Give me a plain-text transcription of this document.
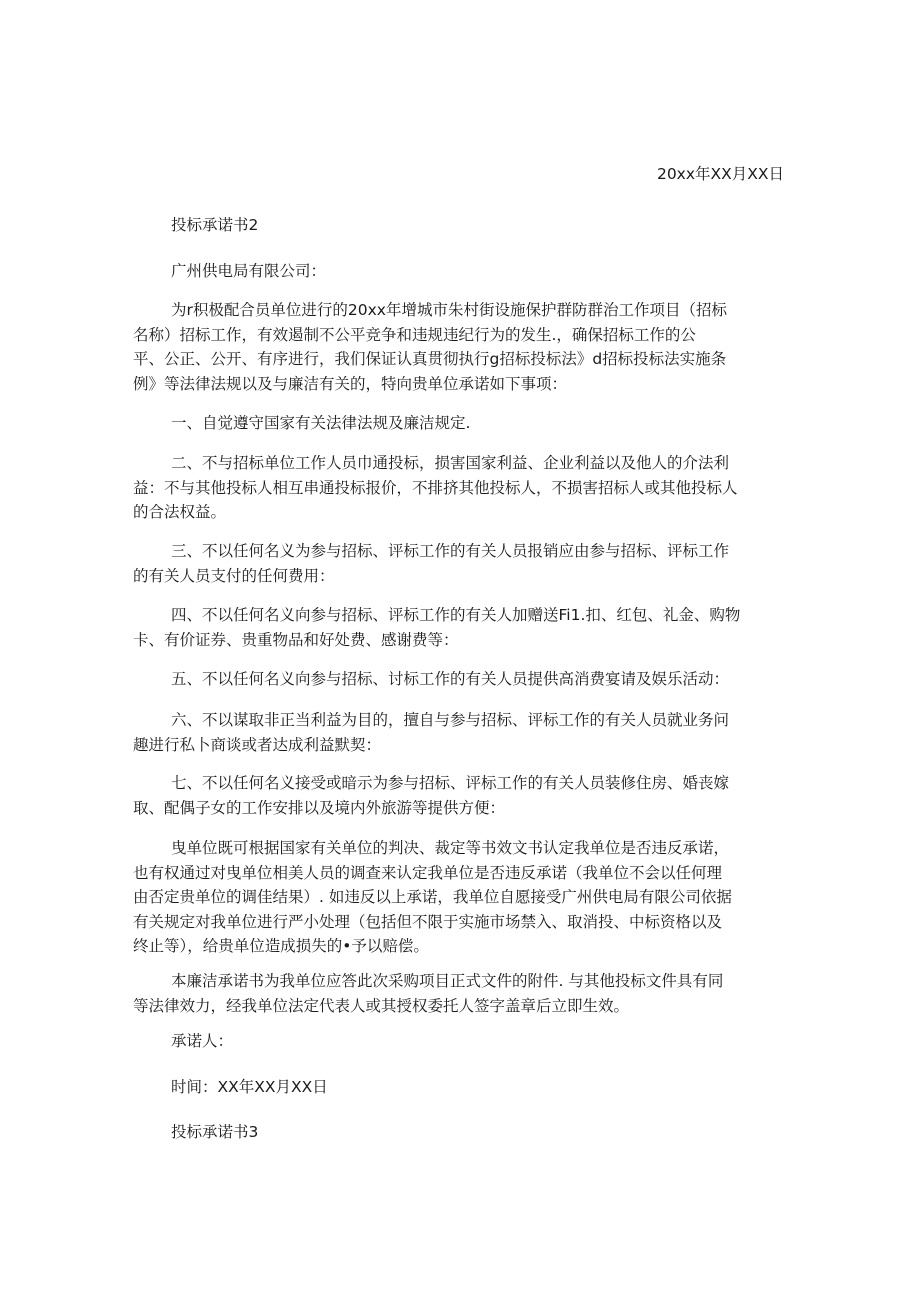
20xx年XX月XX日
投标承诺书2
广州供电局有限公司：
为r积极配合员单位进行的20xx年增城市朱村街设施保护群防群治工作项目（招标
名称）招标工作，有效遏制不公平竞争和违规违纪行为的发生.，确保招标工作的公
平、公正、公开、有序进行，我们保证认真贯彻执行g招标投标法》d招标投标法实施条
例》等法律法规以及与廉洁有关的，特向贵单位承诺如下事项：
一、自觉遵守国家有关法律法规及廉洁规定.
二、不与招标单位工作人员巾通投标，损害国家利益、企业利益以及他人的介法利
益：不与其他投标人相互串通投标报价，不排挤其他投标人，不损害招标人或其他投标人
的合法权益。
三、不以任何名义为参与招标、评标工作的有关人员报销应由参与招标、评标工作
的有关人员支付的任何费用：
四、不以任何名义向参与招标、评标工作的有关人加赠送Fi1.扣、红包、礼金、购物
卡、有价证券、贵重物品和好处费、感谢费等：
五、不以任何名义向参与招标、讨标工作的有关人员提供高消费宴请及娱乐活动：
六、不以谋取非正当利益为目的，擅自与参与招标、评标工作的有关人员就业务问
趣进行私卜商谈或者达成利益默契：
七、不以任何名义接受或暗示为参与招标、评标工作的有关人员装修住房、婚丧嫁
取、配偶子女的工作安排以及境内外旅游等提供方便：
曳单位既可根据国家有关单位的判决、裁定等书效文书认定我单位是否违反承诺，
也有权通过对曳单位相美人员的调查来认定我单位是否违反承诺（我单位不会以任何理
由否定贵单位的调佳结果）. 如违反以上承诺，我单位自愿接受广州供电局有限公司依据
有关规定对我单位进行严小处理（包括但不限于实施市场禁入、取消投、中标资格以及
终止等），给贵单位造成损失的•予以赔偿。
本廉洁承诺书为我单位应答此次采购项目正式文件的附件. 与其他投标文件具有同
等法律效力，经我单位法定代表人或其授权委托人签字盖章后立即生效。
承诺人：
时间：XX年XX月XX日
投标承诺书3
